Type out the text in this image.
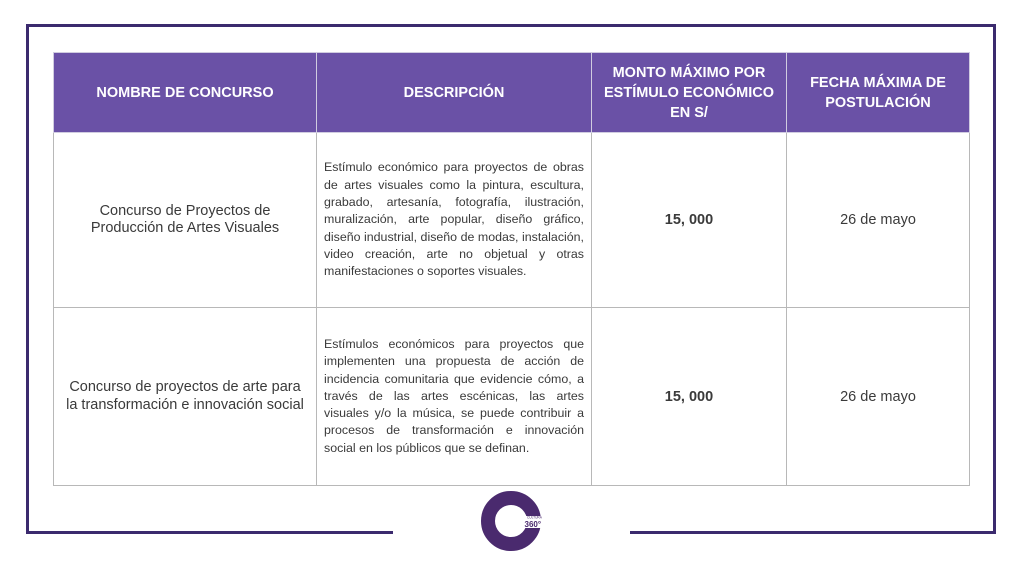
NOMBRE DE CONCURSO	DESCRIPCIÓN	MONTO MÁXIMO POR ESTÍMULO ECONÓMICO EN S/	FECHA MÁXIMA DE POSTULACIÓN
Concurso de Proyectos de Producción de Artes Visuales	Estímulo económico para proyectos de obras de artes visuales como la pintura, escultura, grabado, artesanía, fotografía, ilustración, muralización, arte popular, diseño gráfico, diseño industrial, diseño de modas, instalación, video creación, arte no objetual y otras manifestaciones o soportes visuales.	15, 000	26 de mayo
Concurso de proyectos de arte para la transformación e innovación social	Estímulos económicos para proyectos que implementen una propuesta de acción de incidencia comunitaria que evidencie cómo, a través de las artes escénicas, las artes visuales y/o la música, se puede contribuir a procesos de transformación e innovación social en los públicos que se definan.	15, 000	26 de mayo
CULTURA
360°
